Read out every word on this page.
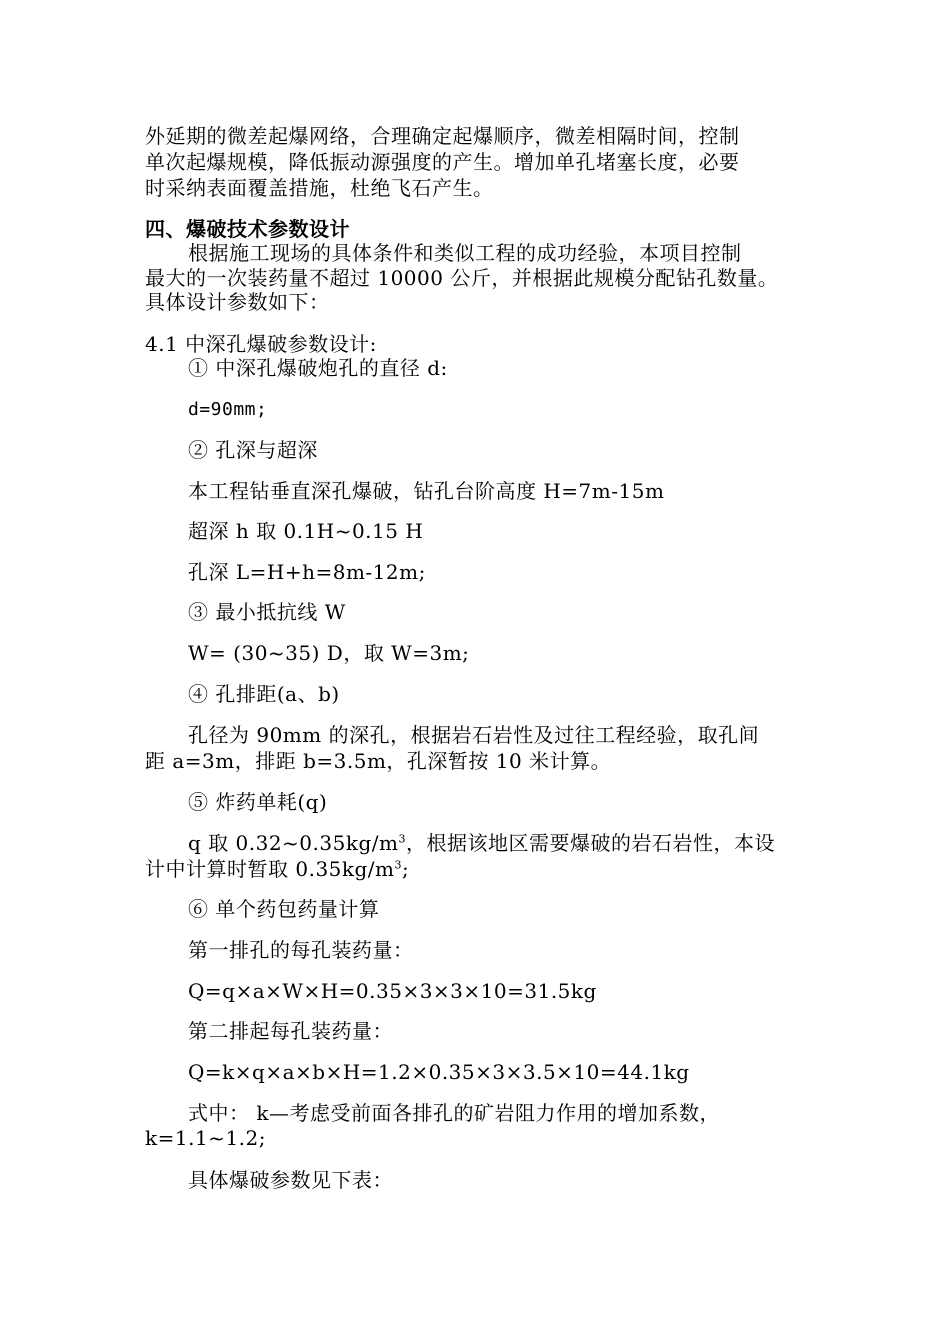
外延期的微差起爆网络，合理确定起爆顺序，微差相隔时间，控制
单次起爆规模，降低振动源强度的产生。增加单孔堵塞长度，必要
时采纳表面覆盖措施，杜绝飞石产生。
四、爆破技术参数设计
根据施工现场的具体条件和类似工程的成功经验，本项目控制
最大的一次装药量不超过 10000 公斤，并根据此规模分配钻孔数量。
具体设计参数如下：
4.1 中深孔爆破参数设计:
① 中深孔爆破炮孔的直径 d:
d=90mm;
② 孔深与超深
本工程钻垂直深孔爆破，钻孔台阶高度 H=7m-15m
超深 h 取 0.1H~0.15 H
孔深 L=H+h=8m-12m;
③ 最小抵抗线 W
W= (30~35) D，取 W=3m;
④ 孔排距(a、b)
孔径为 90mm 的深孔，根据岩石岩性及过往工程经验，取孔间
距 a=3m，排距 b=3.5m，孔深暂按 10 米计算。
⑤ 炸药单耗(q)
q 取 $0.32\sim 0.35kg/m^3$，根据该地区需要爆破的岩石岩性，本设
计中计算时暂取 $0.35kg/m^3$;
⑥ 单个药包药量计算
第一排孔的每孔装药量：
Q=q×a×W×H=0.35×3×3×10=31.5kg
第二排起每孔装药量：
Q=k×q×a×b×H=1.2×0.35×3×3.5×10=44.1kg
式中： k—考虑受前面各排孔的矿岩阻力作用的增加系数，
k=1.1~1.2;
具体爆破参数见下表：
